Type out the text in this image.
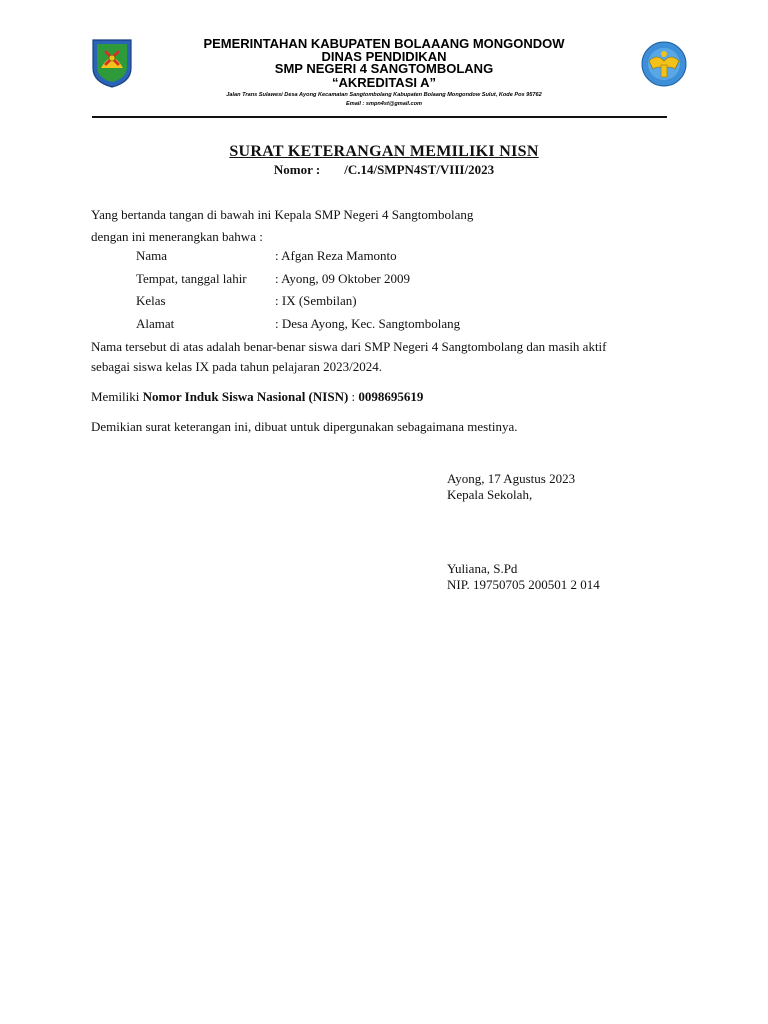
PEMERINTAHAN KABUPATEN BOLAAANG MONGONDOW
DINAS PENDIDIKAN
SMP NEGERI 4 SANGTOMBOLANG
“AKREDITASI A”
Jalan Trans Sulawesi Desa Ayong Kecamatan Sangtombolang Kabupaten Bolaang Mongondow Sulut, Kode Pos 95762
Email : smpn4st@gmail.com
SURAT KETERANGAN MEMILIKI NISN
Nomor : /C.14/SMPN4ST/VIII/2023
Yang bertanda tangan di bawah ini Kepala SMP Negeri 4 Sangtombolang
dengan ini menerangkan bahwa :
Nama	: Afgan Reza Mamonto
Tempat, tanggal lahir : Ayong, 09 Oktober 2009
Kelas	: IX (Sembilan)
Alamat	: Desa Ayong, Kec. Sangtombolang
Nama tersebut di atas adalah benar-benar siswa dari SMP Negeri 4 Sangtombolang dan masih aktif
sebagai siswa kelas IX pada tahun pelajaran 2023/2024.
Memiliki Nomor Induk Siswa Nasional (NISN) : 0098695619
Demikian surat keterangan ini, dibuat untuk dipergunakan sebagaimana mestinya.
Ayong, 17 Agustus 2023
Kepala Sekolah,
Yuliana, S.Pd
NIP. 19750705 200501 2 014
